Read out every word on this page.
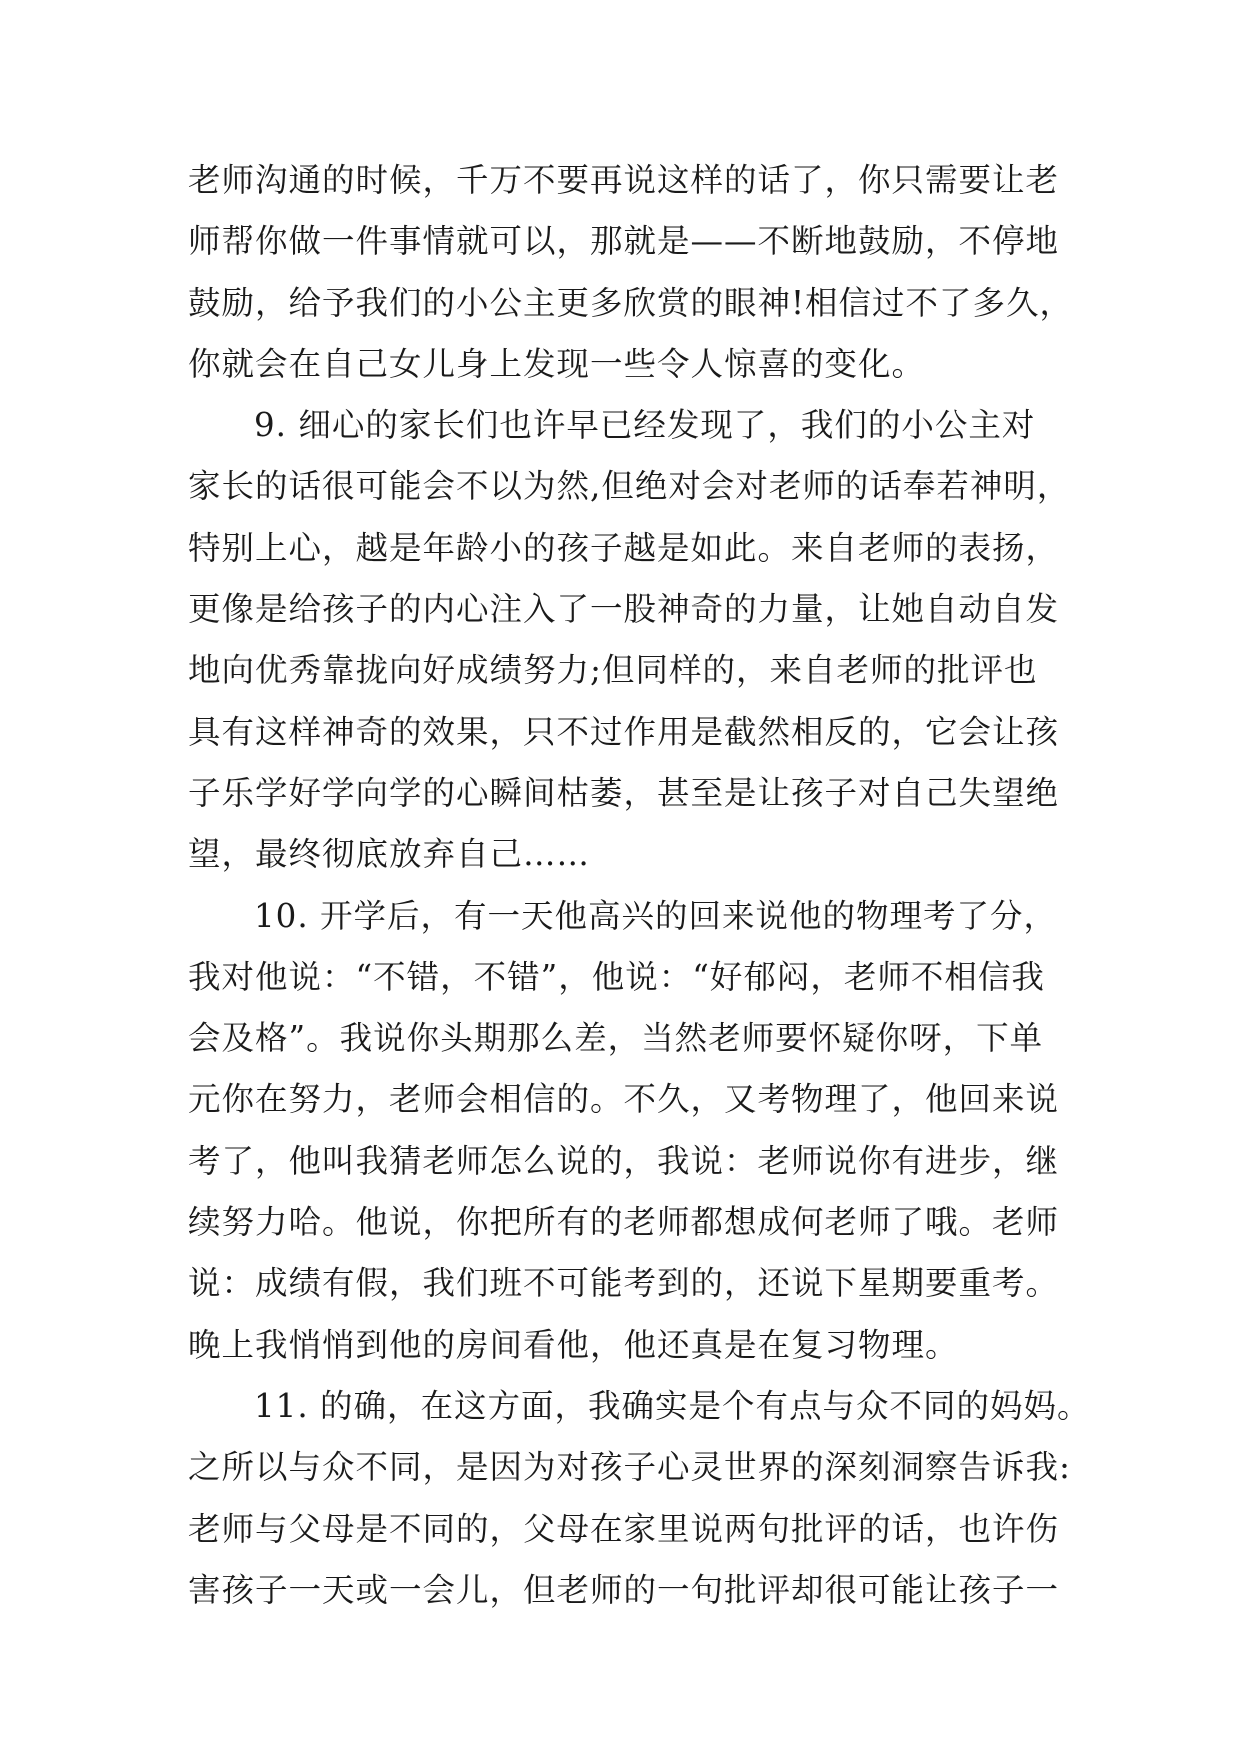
老师沟通的时候，千万不要再说这样的话了，你只需要让老
师帮你做一件事情就可以，那就是——不断地鼓励，不停地
鼓励，给予我们的小公主更多欣赏的眼神!相信过不了多久，
你就会在自己女儿身上发现一些令人惊喜的变化。
9. 细心的家长们也许早已经发现了，我们的小公主对
家长的话很可能会不以为然,但绝对会对老师的话奉若神明，
特别上心，越是年龄小的孩子越是如此。来自老师的表扬，
更像是给孩子的内心注入了一股神奇的力量，让她自动自发
地向优秀靠拢向好成绩努力;但同样的，来自老师的批评也
具有这样神奇的效果，只不过作用是截然相反的，它会让孩
子乐学好学向学的心瞬间枯萎，甚至是让孩子对自己失望绝
望，最终彻底放弃自己……
10. 开学后，有一天他高兴的回来说他的物理考了分，
我对他说：“不错，不错”，他说：“好郁闷，老师不相信我
会及格”。我说你头期那么差，当然老师要怀疑你呀，下单
元你在努力，老师会相信的。不久，又考物理了，他回来说
考了，他叫我猜老师怎么说的，我说：老师说你有进步，继
续努力哈。他说，你把所有的老师都想成何老师了哦。老师
说：成绩有假，我们班不可能考到的，还说下星期要重考。
晚上我悄悄到他的房间看他，他还真是在复习物理。
11. 的确，在这方面，我确实是个有点与众不同的妈妈。
之所以与众不同，是因为对孩子心灵世界的深刻洞察告诉我:
老师与父母是不同的，父母在家里说两句批评的话，也许伤
害孩子一天或一会儿，但老师的一句批评却很可能让孩子一
